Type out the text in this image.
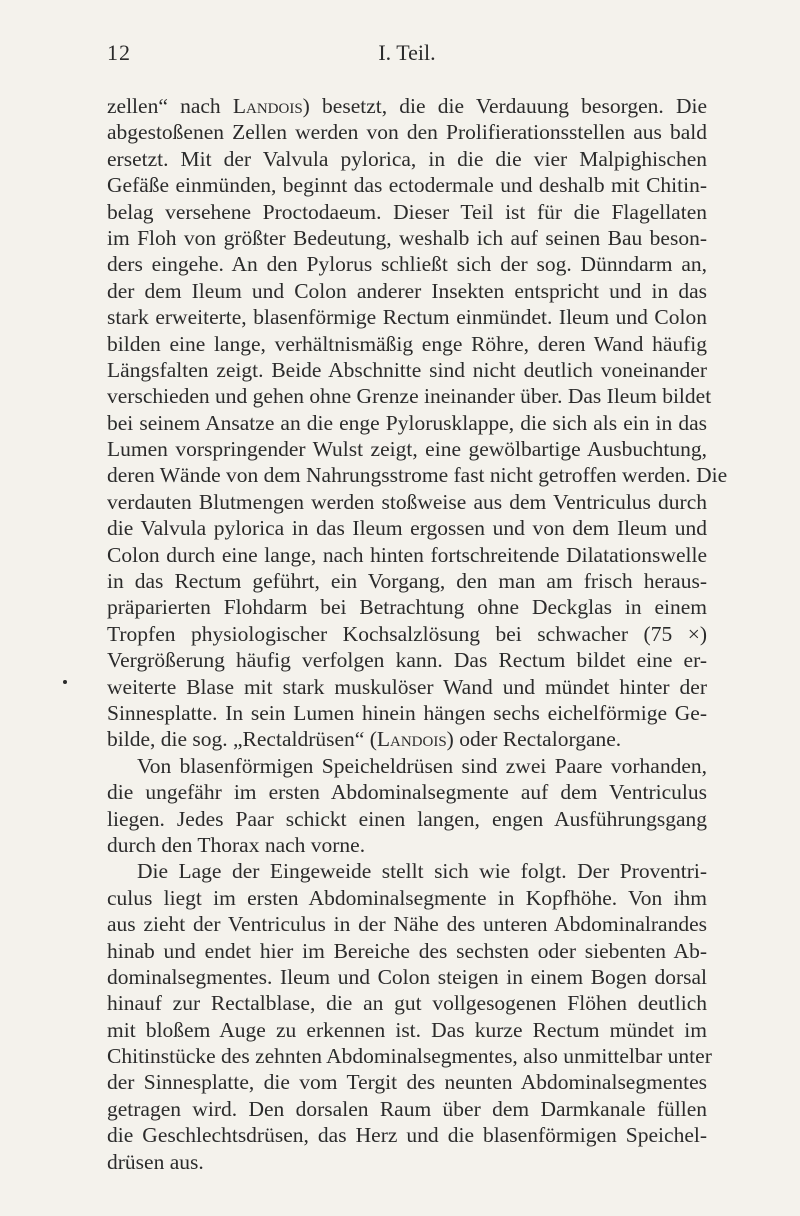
12	I. Teil.
zellen“ nach Landois) besetzt, die die Verdauung besorgen. Die
abgestoßenen Zellen werden von den Prolifierationsstellen aus bald
ersetzt. Mit der Valvula pylorica, in die die vier Malpighischen
Gefäße einmünden, beginnt das ectodermale und deshalb mit Chitin-
belag versehene Proctodaeum. Dieser Teil ist für die Flagellaten
im Floh von größter Bedeutung, weshalb ich auf seinen Bau beson-
ders eingehe. An den Pylorus schließt sich der sog. Dünndarm an,
der dem Ileum und Colon anderer Insekten entspricht und in das
stark erweiterte, blasenförmige Rectum einmündet. Ileum und Colon
bilden eine lange, verhältnismäßig enge Röhre, deren Wand häufig
Längsfalten zeigt. Beide Abschnitte sind nicht deutlich voneinander
verschieden und gehen ohne Grenze ineinander über. Das Ileum bildet
bei seinem Ansatze an die enge Pylorusklappe, die sich als ein in das
Lumen vorspringender Wulst zeigt, eine gewölbartige Ausbuchtung,
deren Wände von dem Nahrungsstrome fast nicht getroffen werden. Die
verdauten Blutmengen werden stoßweise aus dem Ventriculus durch
die Valvula pylorica in das Ileum ergossen und von dem Ileum und
Colon durch eine lange, nach hinten fortschreitende Dilatationswelle
in das Rectum geführt, ein Vorgang, den man am frisch heraus-
präparierten Flohdarm bei Betrachtung ohne Deckglas in einem
Tropfen physiologischer Kochsalzlösung bei schwacher (75 ×)
Vergrößerung häufig verfolgen kann. Das Rectum bildet eine er-
weiterte Blase mit stark muskulöser Wand und mündet hinter der
Sinnesplatte. In sein Lumen hinein hängen sechs eichelförmige Ge-
bilde, die sog. „Rectaldrüsen“ (Landois) oder Rectalorgane.
Von blasenförmigen Speicheldrüsen sind zwei Paare vorhanden,
die ungefähr im ersten Abdominalsegmente auf dem Ventriculus
liegen. Jedes Paar schickt einen langen, engen Ausführungsgang
durch den Thorax nach vorne.
Die Lage der Eingeweide stellt sich wie folgt. Der Proventri-
culus liegt im ersten Abdominalsegmente in Kopfhöhe. Von ihm
aus zieht der Ventriculus in der Nähe des unteren Abdominalrandes
hinab und endet hier im Bereiche des sechsten oder siebenten Ab-
dominalsegmentes. Ileum und Colon steigen in einem Bogen dorsal
hinauf zur Rectalblase, die an gut vollgesogenen Flöhen deutlich
mit bloßem Auge zu erkennen ist. Das kurze Rectum mündet im
Chitinstücke des zehnten Abdominalsegmentes, also unmittelbar unter
der Sinnesplatte, die vom Tergit des neunten Abdominalsegmentes
getragen wird. Den dorsalen Raum über dem Darmkanale füllen
die Geschlechtsdrüsen, das Herz und die blasenförmigen Speichel-
drüsen aus.
